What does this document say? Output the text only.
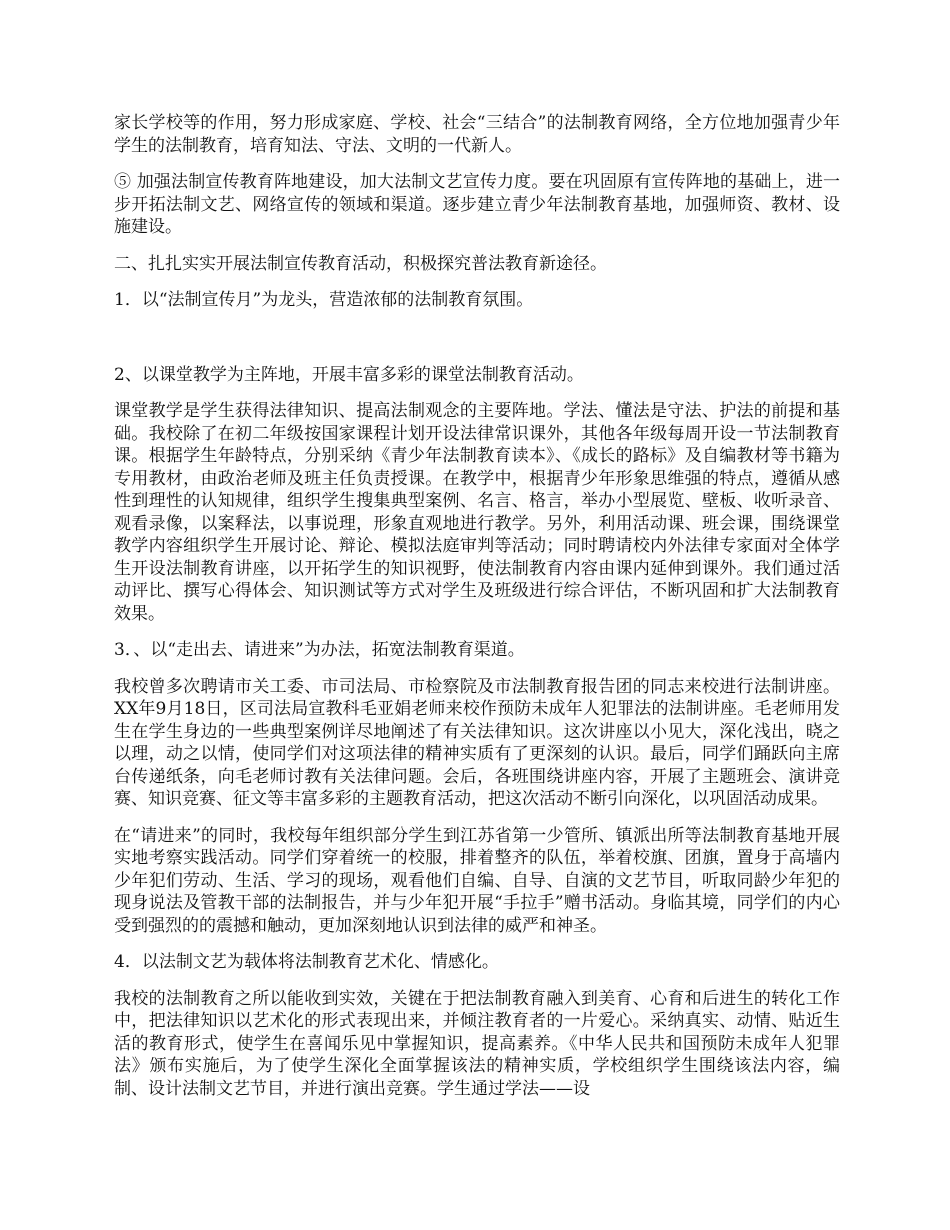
家长学校等的作用，努力形成家庭、学校、社会“三结合”的法制教育网络，全方位地加强青少年学生的法制教育，培育知法、守法、文明的一代新人。

⑤ 加强法制宣传教育阵地建设，加大法制文艺宣传力度。要在巩固原有宣传阵地的基础上，进一步开拓法制文艺、网络宣传的领域和渠道。逐步建立青少年法制教育基地，加强师资、教材、设施建设。

二、扎扎实实开展法制宣传教育活动，积极探究普法教育新途径。

1．以“法制宣传月”为龙头，营造浓郁的法制教育氛围。

2、以课堂教学为主阵地，开展丰富多彩的课堂法制教育活动。

课堂教学是学生获得法律知识、提高法制观念的主要阵地。学法、懂法是守法、护法的前提和基础。我校除了在初二年级按国家课程计划开设法律常识课外，其他各年级每周开设一节法制教育课。根据学生年龄特点，分别采纳《青少年法制教育读本》、《成长的路标》及自编教材等书籍为专用教材，由政治老师及班主任负责授课。在教学中，根据青少年形象思维强的特点，遵循从感性到理性的认知规律，组织学生搜集典型案例、名言、格言，举办小型展览、壁板、收听录音、观看录像，以案释法，以事说理，形象直观地进行教学。另外，利用活动课、班会课，围绕课堂教学内容组织学生开展讨论、辩论、模拟法庭审判等活动；同时聘请校内外法律专家面对全体学生开设法制教育讲座，以开拓学生的知识视野，使法制教育内容由课内延伸到课外。我们通过活动评比、撰写心得体会、知识测试等方式对学生及班级进行综合评估，不断巩固和扩大法制教育效果。

3．、以“走出去、请进来”为办法，拓宽法制教育渠道。

我校曾多次聘请市关工委、市司法局、市检察院及市法制教育报告团的同志来校进行法制讲座。XX年9月18日，区司法局宣教科毛亚娟老师来校作预防未成年人犯罪法的法制讲座。毛老师用发生在学生身边的一些典型案例详尽地阐述了有关法律知识。这次讲座以小见大，深化浅出，晓之以理，动之以情，使同学们对这项法律的精神实质有了更深刻的认识。最后，同学们踊跃向主席台传递纸条，向毛老师讨教有关法律问题。会后，各班围绕讲座内容，开展了主题班会、演讲竞赛、知识竞赛、征文等丰富多彩的主题教育活动，把这次活动不断引向深化，以巩固活动成果。

在“请进来”的同时，我校每年组织部分学生到江苏省第一少管所、镇派出所等法制教育基地开展实地考察实践活动。同学们穿着统一的校服，排着整齐的队伍，举着校旗、团旗，置身于高墙内少年犯们劳动、生活、学习的现场，观看他们自编、自导、自演的文艺节目，听取同龄少年犯的现身说法及管教干部的法制报告，并与少年犯开展“手拉手”赠书活动。身临其境，同学们的内心受到强烈的的震撼和触动，更加深刻地认识到法律的威严和神圣。

4．以法制文艺为载体将法制教育艺术化、情感化。

我校的法制教育之所以能收到实效，关键在于把法制教育融入到美育、心育和后进生的转化工作中，把法律知识以艺术化的形式表现出来，并倾注教育者的一片爱心。采纳真实、动情、贴近生活的教育形式，使学生在喜闻乐见中掌握知识，提高素养。《中华人民共和国预防未成年人犯罪法》颁布实施后，为了使学生深化全面掌握该法的精神实质，学校组织学生围绕该法内容，编制、设计法制文艺节目，并进行演出竞赛。学生通过学法——设
